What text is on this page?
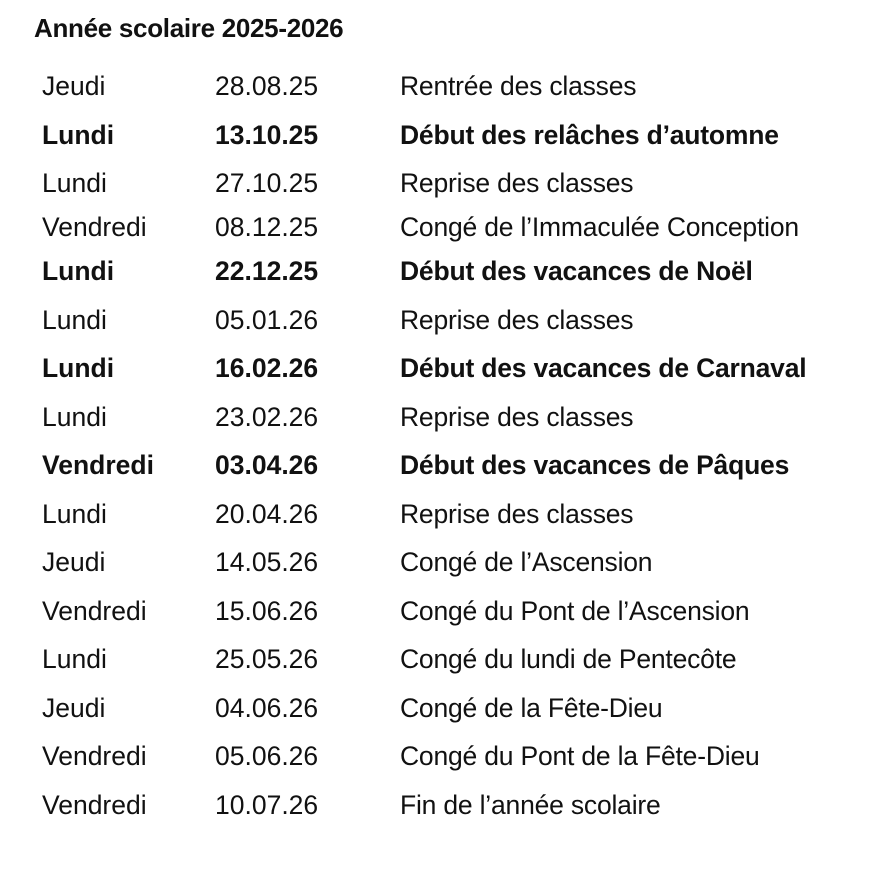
Année scolaire 2025-2026
Jeudi	28.08.25	Rentrée des classes
Lundi	13.10.25	Début des relâches d’automne
Lundi	27.10.25	Reprise des classes
Vendredi	08.12.25	Congé de l’Immaculée Conception
Lundi	22.12.25	Début des vacances de Noël
Lundi	05.01.26	Reprise des classes
Lundi	16.02.26	Début des vacances de Carnaval
Lundi	23.02.26	Reprise des classes
Vendredi 03.04.26	Début des vacances de Pâques
Lundi	20.04.26	Reprise des classes
Jeudi	14.05.26	Congé de l’Ascension
Vendredi	15.06.26	Congé du Pont de l’Ascension
Lundi	25.05.26	Congé du lundi de Pentecôte
Jeudi	04.06.26	Congé de la Fête-Dieu
Vendredi	05.06.26	Congé du Pont de la Fête-Dieu
Vendredi	10.07.26	Fin de l’année scolaire
